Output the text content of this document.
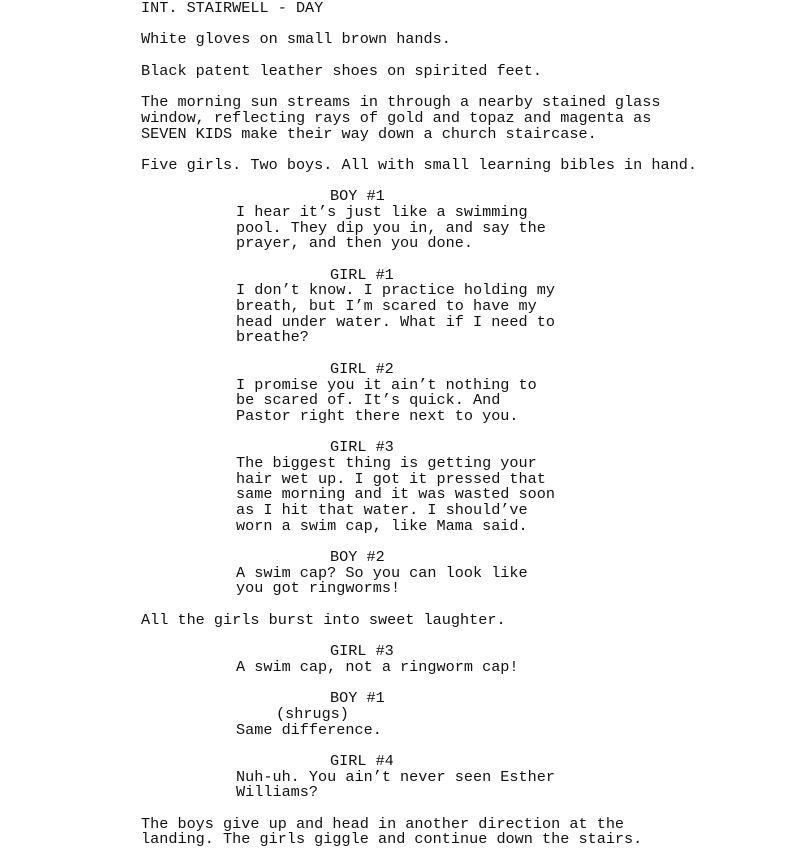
INT. STAIRWELL - DAY
White gloves on small brown hands.
Black patent leather shoes on spirited feet.
The morning sun streams in through a nearby stained glass
window, reflecting rays of gold and topaz and magenta as
SEVEN KIDS make their way down a church staircase.
Five girls. Two boys. All with small learning bibles in hand.
BOY #1
I hear it’s just like a swimming
pool. They dip you in, and say the
prayer, and then you done.
GIRL #1
I don’t know. I practice holding my
breath, but I’m scared to have my
head under water. What if I need to
breathe?
GIRL #2
I promise you it ain’t nothing to
be scared of. It’s quick. And
Pastor right there next to you.
GIRL #3
The biggest thing is getting your
hair wet up. I got it pressed that
same morning and it was wasted soon
as I hit that water. I should’ve
worn a swim cap, like Mama said.
BOY #2
A swim cap? So you can look like
you got ringworms!
All the girls burst into sweet laughter.
GIRL #3
A swim cap, not a ringworm cap!
BOY #1
(shrugs)
Same difference.
GIRL #4
Nuh-uh. You ain’t never seen Esther
Williams?
The boys give up and head in another direction at the
landing. The girls giggle and continue down the stairs.
